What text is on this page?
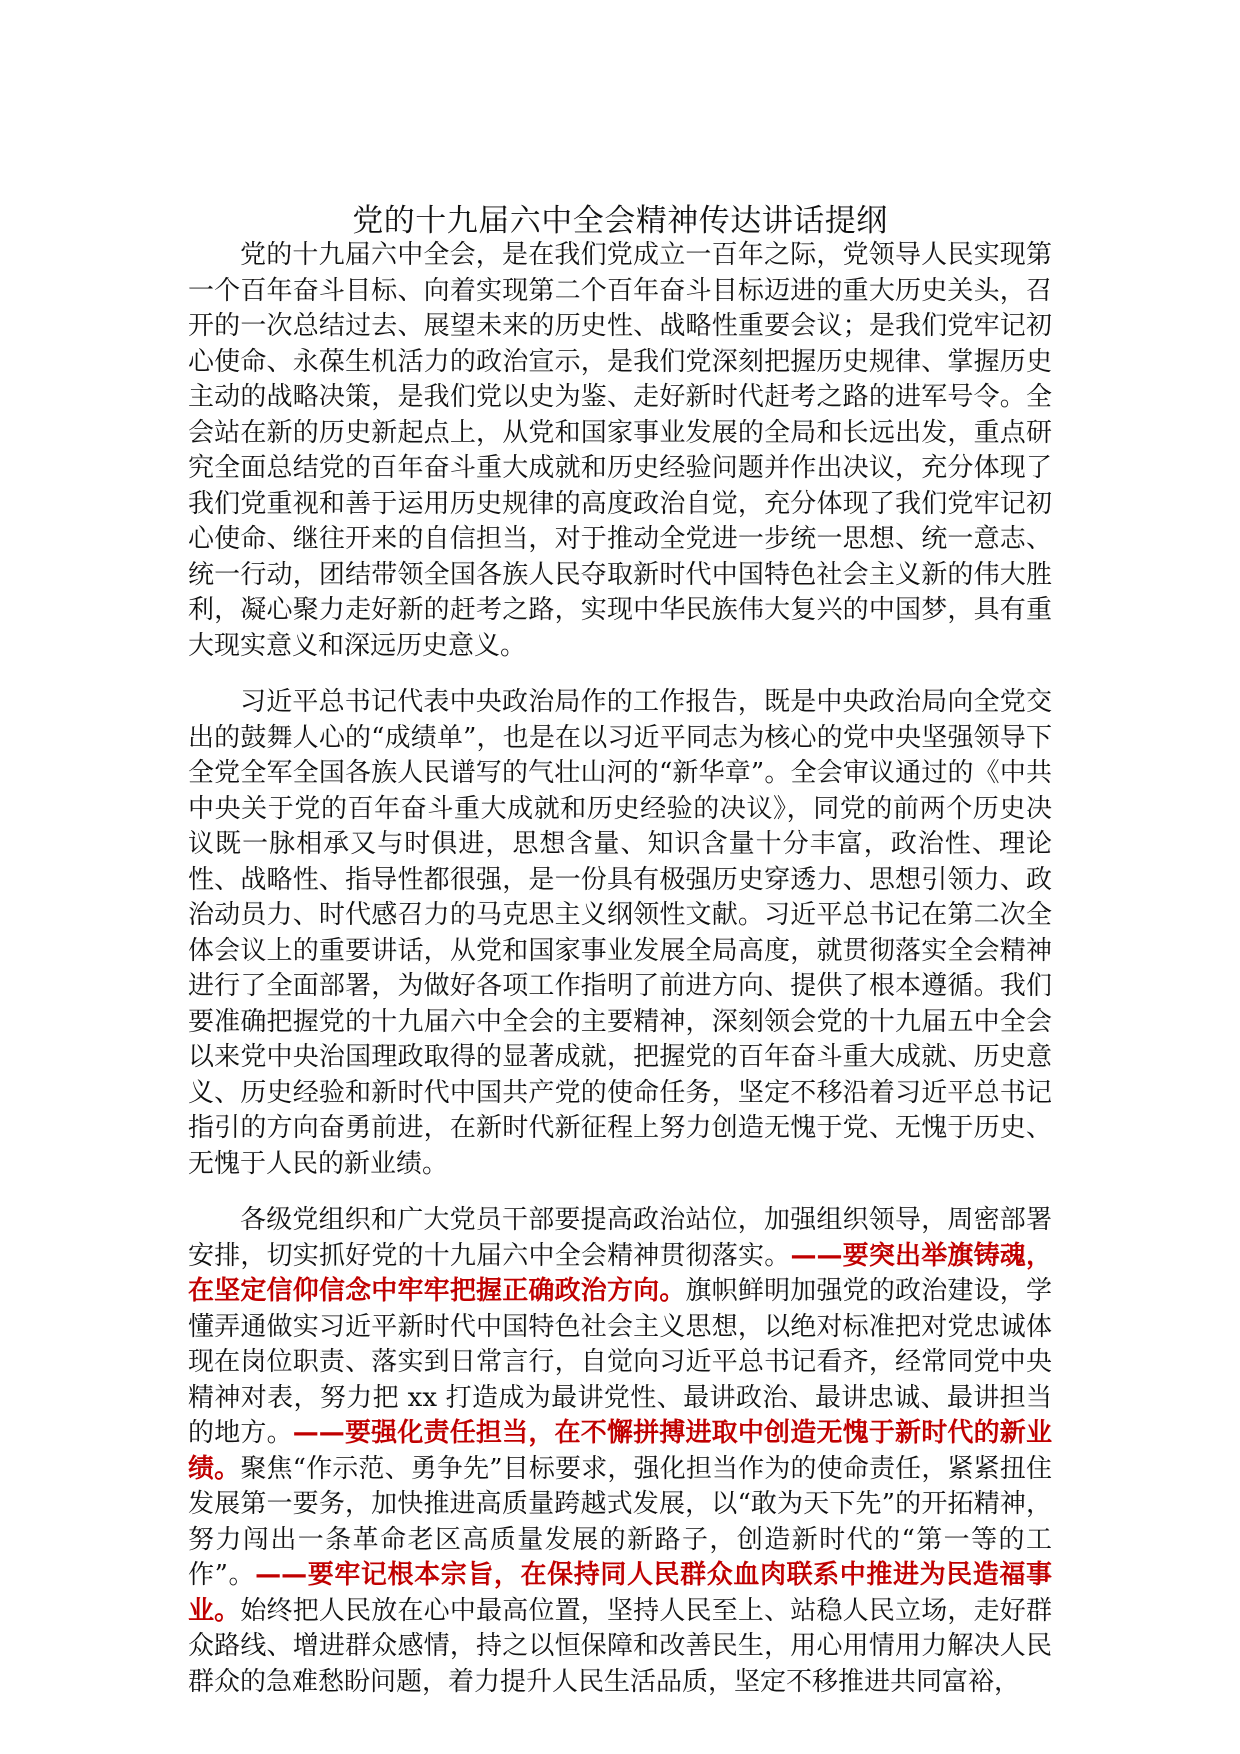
党的十九届六中全会精神传达讲话提纲

党的十九届六中全会，是在我们党成立一百年之际，党领导人民实现第一个百年奋斗目标、向着实现第二个百年奋斗目标迈进的重大历史关头，召开的一次总结过去、展望未来的历史性、战略性重要会议；是我们党牢记初心使命、永葆生机活力的政治宣示，是我们党深刻把握历史规律、掌握历史主动的战略决策，是我们党以史为鉴、走好新时代赶考之路的进军号令。全会站在新的历史新起点上，从党和国家事业发展的全局和长远出发，重点研究全面总结党的百年奋斗重大成就和历史经验问题并作出决议，充分体现了我们党重视和善于运用历史规律的高度政治自觉，充分体现了我们党牢记初心使命、继往开来的自信担当，对于推动全党进一步统一思想、统一意志、统一行动，团结带领全国各族人民夺取新时代中国特色社会主义新的伟大胜利，凝心聚力走好新的赶考之路，实现中华民族伟大复兴的中国梦，具有重大现实意义和深远历史意义。

习近平总书记代表中央政治局作的工作报告，既是中央政治局向全党交出的鼓舞人心的“成绩单”，也是在以习近平同志为核心的党中央坚强领导下全党全军全国各族人民谱写的气壮山河的“新华章”。全会审议通过的《中共中央关于党的百年奋斗重大成就和历史经验的决议》，同党的前两个历史决议既一脉相承又与时俱进，思想含量、知识含量十分丰富，政治性、理论性、战略性、指导性都很强，是一份具有极强历史穿透力、思想引领力、政治动员力、时代感召力的马克思主义纲领性文献。习近平总书记在第二次全体会议上的重要讲话，从党和国家事业发展全局高度，就贯彻落实全会精神进行了全面部署，为做好各项工作指明了前进方向、提供了根本遵循。我们要准确把握党的十九届六中全会的主要精神，深刻领会党的十九届五中全会以来党中央治国理政取得的显著成就，把握党的百年奋斗重大成就、历史意义、历史经验和新时代中国共产党的使命任务，坚定不移沿着习近平总书记指引的方向奋勇前进，在新时代新征程上努力创造无愧于党、无愧于历史、无愧于人民的新业绩。

各级党组织和广大党员干部要提高政治站位，加强组织领导，周密部署安排，切实抓好党的十九届六中全会精神贯彻落实。——要突出举旗铸魂，在坚定信仰信念中牢牢把握正确政治方向。旗帜鲜明加强党的政治建设，学懂弄通做实习近平新时代中国特色社会主义思想，以绝对标准把对党忠诚体现在岗位职责、落实到日常言行，自觉向习近平总书记看齐，经常同党中央精神对表，努力把 xx 打造成为最讲党性、最讲政治、最讲忠诚、最讲担当的地方。——要强化责任担当，在不懈拼搏进取中创造无愧于新时代的新业绩。聚焦“作示范、勇争先”目标要求，强化担当作为的使命责任，紧紧扭住发展第一要务，加快推进高质量跨越式发展，以“敢为天下先”的开拓精神，努力闯出一条革命老区高质量发展的新路子，创造新时代的“第一等的工作”。——要牢记根本宗旨，在保持同人民群众血肉联系中推进为民造福事业。始终把人民放在心中最高位置，坚持人民至上、站稳人民立场，走好群众路线、增进群众感情，持之以恒保障和改善民生，用心用情用力解决人民群众的急难愁盼问题，着力提升人民生活品质，坚定不移推进共同富裕，
